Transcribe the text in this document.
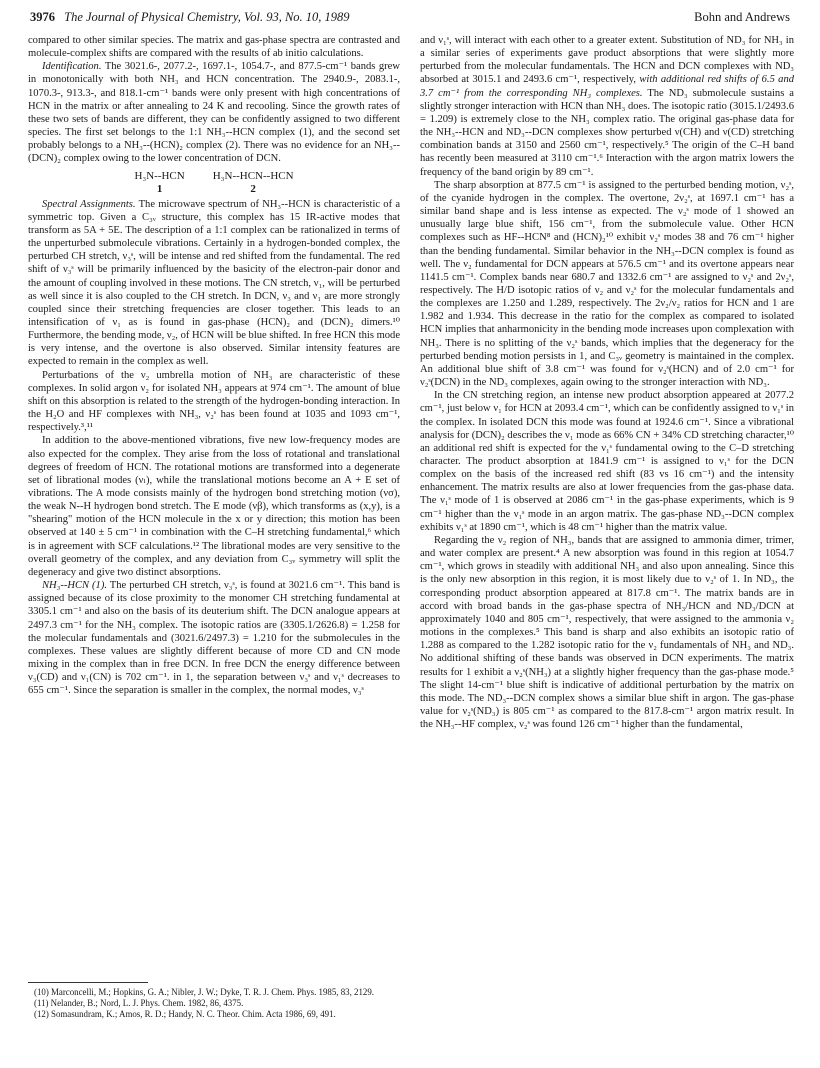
3976 The Journal of Physical Chemistry, Vol. 93, No. 10, 1989	Bohn and Andrews

compared to other similar species. The matrix and gas-phase spectra are contrasted and molecule-complex shifts are compared with the results of ab initio calculations.

Identification. The 3021.6-, 2077.2-, 1697.1-, 1054.7-, and 877.5-cm⁻¹ bands grew in monotonically with both NH₃ and HCN concentration. The 2940.9-, 2083.1-, 1070.3-, 913.3-, and 818.1-cm⁻¹ bands were only present with high concentrations of HCN in the matrix or after annealing to 24 K and recooling. Since the growth rates of these two sets of bands are different, they can be confidently assigned to two different species. The first set belongs to the 1:1 NH₃--HCN complex (1), and the second set probably belongs to a NH₃--(HCN)₂ complex (2). There was no evidence for an NH₃--(DCN)₂ complex owing to the lower concentration of DCN.

H₃N--HCN
1
H₃N--HCN--HCN
2

Spectral Assignments. The microwave spectrum of NH₃--HCN is characteristic of a symmetric top. Given a C₃ᵥ structure, this complex has 15 IR-active modes that transform as 5A + 5E. The description of a 1:1 complex can be rationalized in terms of the unperturbed submolecule vibrations. Certainly in a hydrogen-bonded complex, the perturbed CH stretch, ν₃ˢ, will be intense and red shifted from the fundamental. The red shift of ν₃ˢ will be primarily influenced by the basicity of the electron-pair donor and the amount of coupling involved in these motions. The CN stretch, ν₁, will be perturbed as well since it is also coupled to the CH stretch. In DCN, ν₃ and ν₁ are more strongly coupled since their stretching frequencies are closer together. This leads to an intensification of ν₁ as is found in gas-phase (HCN)₂ and (DCN)₂ dimers.¹⁰ Furthermore, the bending mode, ν₂, of HCN will be blue shifted. In free HCN this mode is very intense, and the overtone is also observed. Similar intensity features are expected to remain in the complex as well.

Perturbations of the ν₂ umbrella motion of NH₃ are characteristic of these complexes. In solid argon ν₂ for isolated NH₃ appears at 974 cm⁻¹. The amount of blue shift on this absorption is related to the strength of the hydrogen-bonding interaction. In the H₂O and HF complexes with NH₃, ν₂ˢ has been found at 1035 and 1093 cm⁻¹, respectively.³,¹¹

In addition to the above-mentioned vibrations, five new low-frequency modes are also expected for the complex. They arise from the loss of rotational and translational degrees of freedom of HCN. The rotational motions are transformed into a degenerate set of librational modes (νₗ), while the translational motions become an A + E set of vibrations. The A mode consists mainly of the hydrogen bond stretching motion (νσ), the weak N--H hydrogen bond stretch. The E mode (νβ), which transforms as (x,y), is a "shearing" motion of the HCN molecule in the x or y direction; this motion has been observed at 140 ± 5 cm⁻¹ in combination with the C–H stretching fundamental,⁶ which is in agreement with SCF calculations.¹² The librational modes are very sensitive to the overall geometry of the complex, and any deviation from C₃ᵥ symmetry will split the degeneracy and give two distinct absorptions.

NH₃--HCN (1). The perturbed CH stretch, ν₃ˢ, is found at 3021.6 cm⁻¹. This band is assigned because of its close proximity to the monomer CH stretching fundamental at 3305.1 cm⁻¹ and also on the basis of its deuterium shift. The DCN analogue appears at 2497.3 cm⁻¹ for the NH₃ complex. The isotopic ratios are (3305.1/2626.8) = 1.258 for the molecular fundamentals and (3021.6/2497.3) = 1.210 for the submolecules in the complexes. These values are slightly different because of more CD and CN mode mixing in the complex than in free DCN. In free DCN the energy difference between ν₃(CD) and ν₁(CN) is 702 cm⁻¹. in 1, the separation between ν₃ˢ and ν₁ˢ decreases to 655 cm⁻¹. Since the separation is smaller in the complex, the normal modes, ν₃ˢ

(10) Marconcelli, M.; Hopkins, G. A.; Nibler, J. W.; Dyke, T. R. J. Chem. Phys. 1985, 83, 2129.
(11) Nelander, B.; Nord, L. J. Phys. Chem. 1982, 86, 4375.
(12) Somasundram, K.; Amos, R. D.; Handy, N. C. Theor. Chim. Acta 1986, 69, 491.

and ν₁ˢ, will interact with each other to a greater extent. Substitution of ND₃ for NH₃ in a similar series of experiments gave product absorptions that were slightly more perturbed from the molecular fundamentals. The HCN and DCN complexes with ND₃ absorbed at 3015.1 and 2493.6 cm⁻¹, respectively, with additional red shifts of 6.5 and 3.7 cm⁻¹ from the corresponding NH₃ complexes. The ND₃ submolecule sustains a slightly stronger interaction with HCN than NH₃ does. The isotopic ratio (3015.1/2493.6 = 1.209) is extremely close to the NH₃ complex ratio. The original gas-phase data for the NH₃--HCN and ND₃--DCN complexes show perturbed ν(CH) and ν(CD) stretching combination bands at 3150 and 2560 cm⁻¹, respectively.⁵ The origin of the C–H band has recently been measured at 3110 cm⁻¹.⁶ Interaction with the argon matrix lowers the frequency of the band origin by 89 cm⁻¹.

The sharp absorption at 877.5 cm⁻¹ is assigned to the perturbed bending motion, ν₂ˢ, of the cyanide hydrogen in the complex. The overtone, 2ν₂ˢ, at 1697.1 cm⁻¹ has a similar band shape and is less intense as expected. The ν₂ˢ mode of 1 showed an unusually large blue shift, 156 cm⁻¹, from the submolecule value. Other HCN complexes such as HF--HCN⁸ and (HCN)₂¹⁰ exhibit ν₂ˢ modes 38 and 76 cm⁻¹ higher than the bending fundamental. Similar behavior in the NH₃--DCN complex is found as well. The ν₂ fundamental for DCN appears at 576.5 cm⁻¹ and its overtone appears near 1141.5 cm⁻¹. Complex bands near 680.7 and 1332.6 cm⁻¹ are assigned to ν₂ˢ and 2ν₂ˢ, respectively. The H/D isotopic ratios of ν₂ and ν₂ˢ for the molecular fundamentals and the complexes are 1.250 and 1.289, respectively. The 2ν₂/ν₂ ratios for HCN and 1 are 1.982 and 1.934. This decrease in the ratio for the complex as compared to isolated HCN implies that anharmonicity in the bending mode increases upon complexation with NH₃. There is no splitting of the ν₂ˢ bands, which implies that the degeneracy for the perturbed bending motion persists in 1, and C₃ᵥ geometry is maintained in the complex. An additional blue shift of 3.8 cm⁻¹ was found for ν₂ˢ(HCN) and of 2.0 cm⁻¹ for ν₂ˢ(DCN) in the ND₃ complexes, again owing to the stronger interaction with ND₃.

In the CN stretching region, an intense new product absorption appeared at 2077.2 cm⁻¹, just below ν₁ for HCN at 2093.4 cm⁻¹, which can be confidently assigned to ν₁ˢ in the complex. In isolated DCN this mode was found at 1924.6 cm⁻¹. Since a vibrational analysis for (DCN)₂ describes the ν₁ mode as 66% CN + 34% CD stretching character,¹⁰ an additional red shift is expected for the ν₁ˢ fundamental owing to the C–D stretching character. The product absorption at 1841.9 cm⁻¹ is assigned to ν₁ˢ for the DCN complex on the basis of the increased red shift (83 vs 16 cm⁻¹) and the intensity enhancement. The matrix results are also at lower frequencies from the gas-phase data. The ν₁ˢ mode of 1 is observed at 2086 cm⁻¹ in the gas-phase experiments, which is 9 cm⁻¹ higher than the ν₁ˢ mode in an argon matrix. The gas-phase ND₃--DCN complex exhibits ν₁ˢ at 1890 cm⁻¹, which is 48 cm⁻¹ higher than the matrix value.

Regarding the ν₂ region of NH₃, bands that are assigned to ammonia dimer, trimer, and water complex are present.⁴ A new absorption was found in this region at 1054.7 cm⁻¹, which grows in steadily with additional NH₃ and also upon annealing. Since this is the only new absorption in this region, it is most likely due to ν₂ˢ of 1. In ND₃, the corresponding product absorption appeared at 817.8 cm⁻¹. The matrix bands are in accord with broad bands in the gas-phase spectra of NH₃/HCN and ND₃/DCN at approximately 1040 and 805 cm⁻¹, respectively, that were assigned to the ammonia ν₂ motions in the complexes.⁵ This band is sharp and also exhibits an isotopic ratio of 1.288 as compared to the 1.282 isotopic ratio for the ν₂ fundamentals of NH₃ and ND₃. No additional shifting of these bands was observed in DCN experiments. The matrix results for 1 exhibit a ν₂ˢ(NH₃) at a slightly higher frequency than the gas-phase mode.⁵ The slight 14-cm⁻¹ blue shift is indicative of additional perturbation by the matrix on this mode. The ND₃--DCN complex shows a similar blue shift in argon. The gas-phase value for ν₂ˢ(ND₃) is 805 cm⁻¹ as compared to the 817.8-cm⁻¹ argon matrix result. In the NH₃--HF complex, ν₂ˢ was found 126 cm⁻¹ higher than the fundamental,
